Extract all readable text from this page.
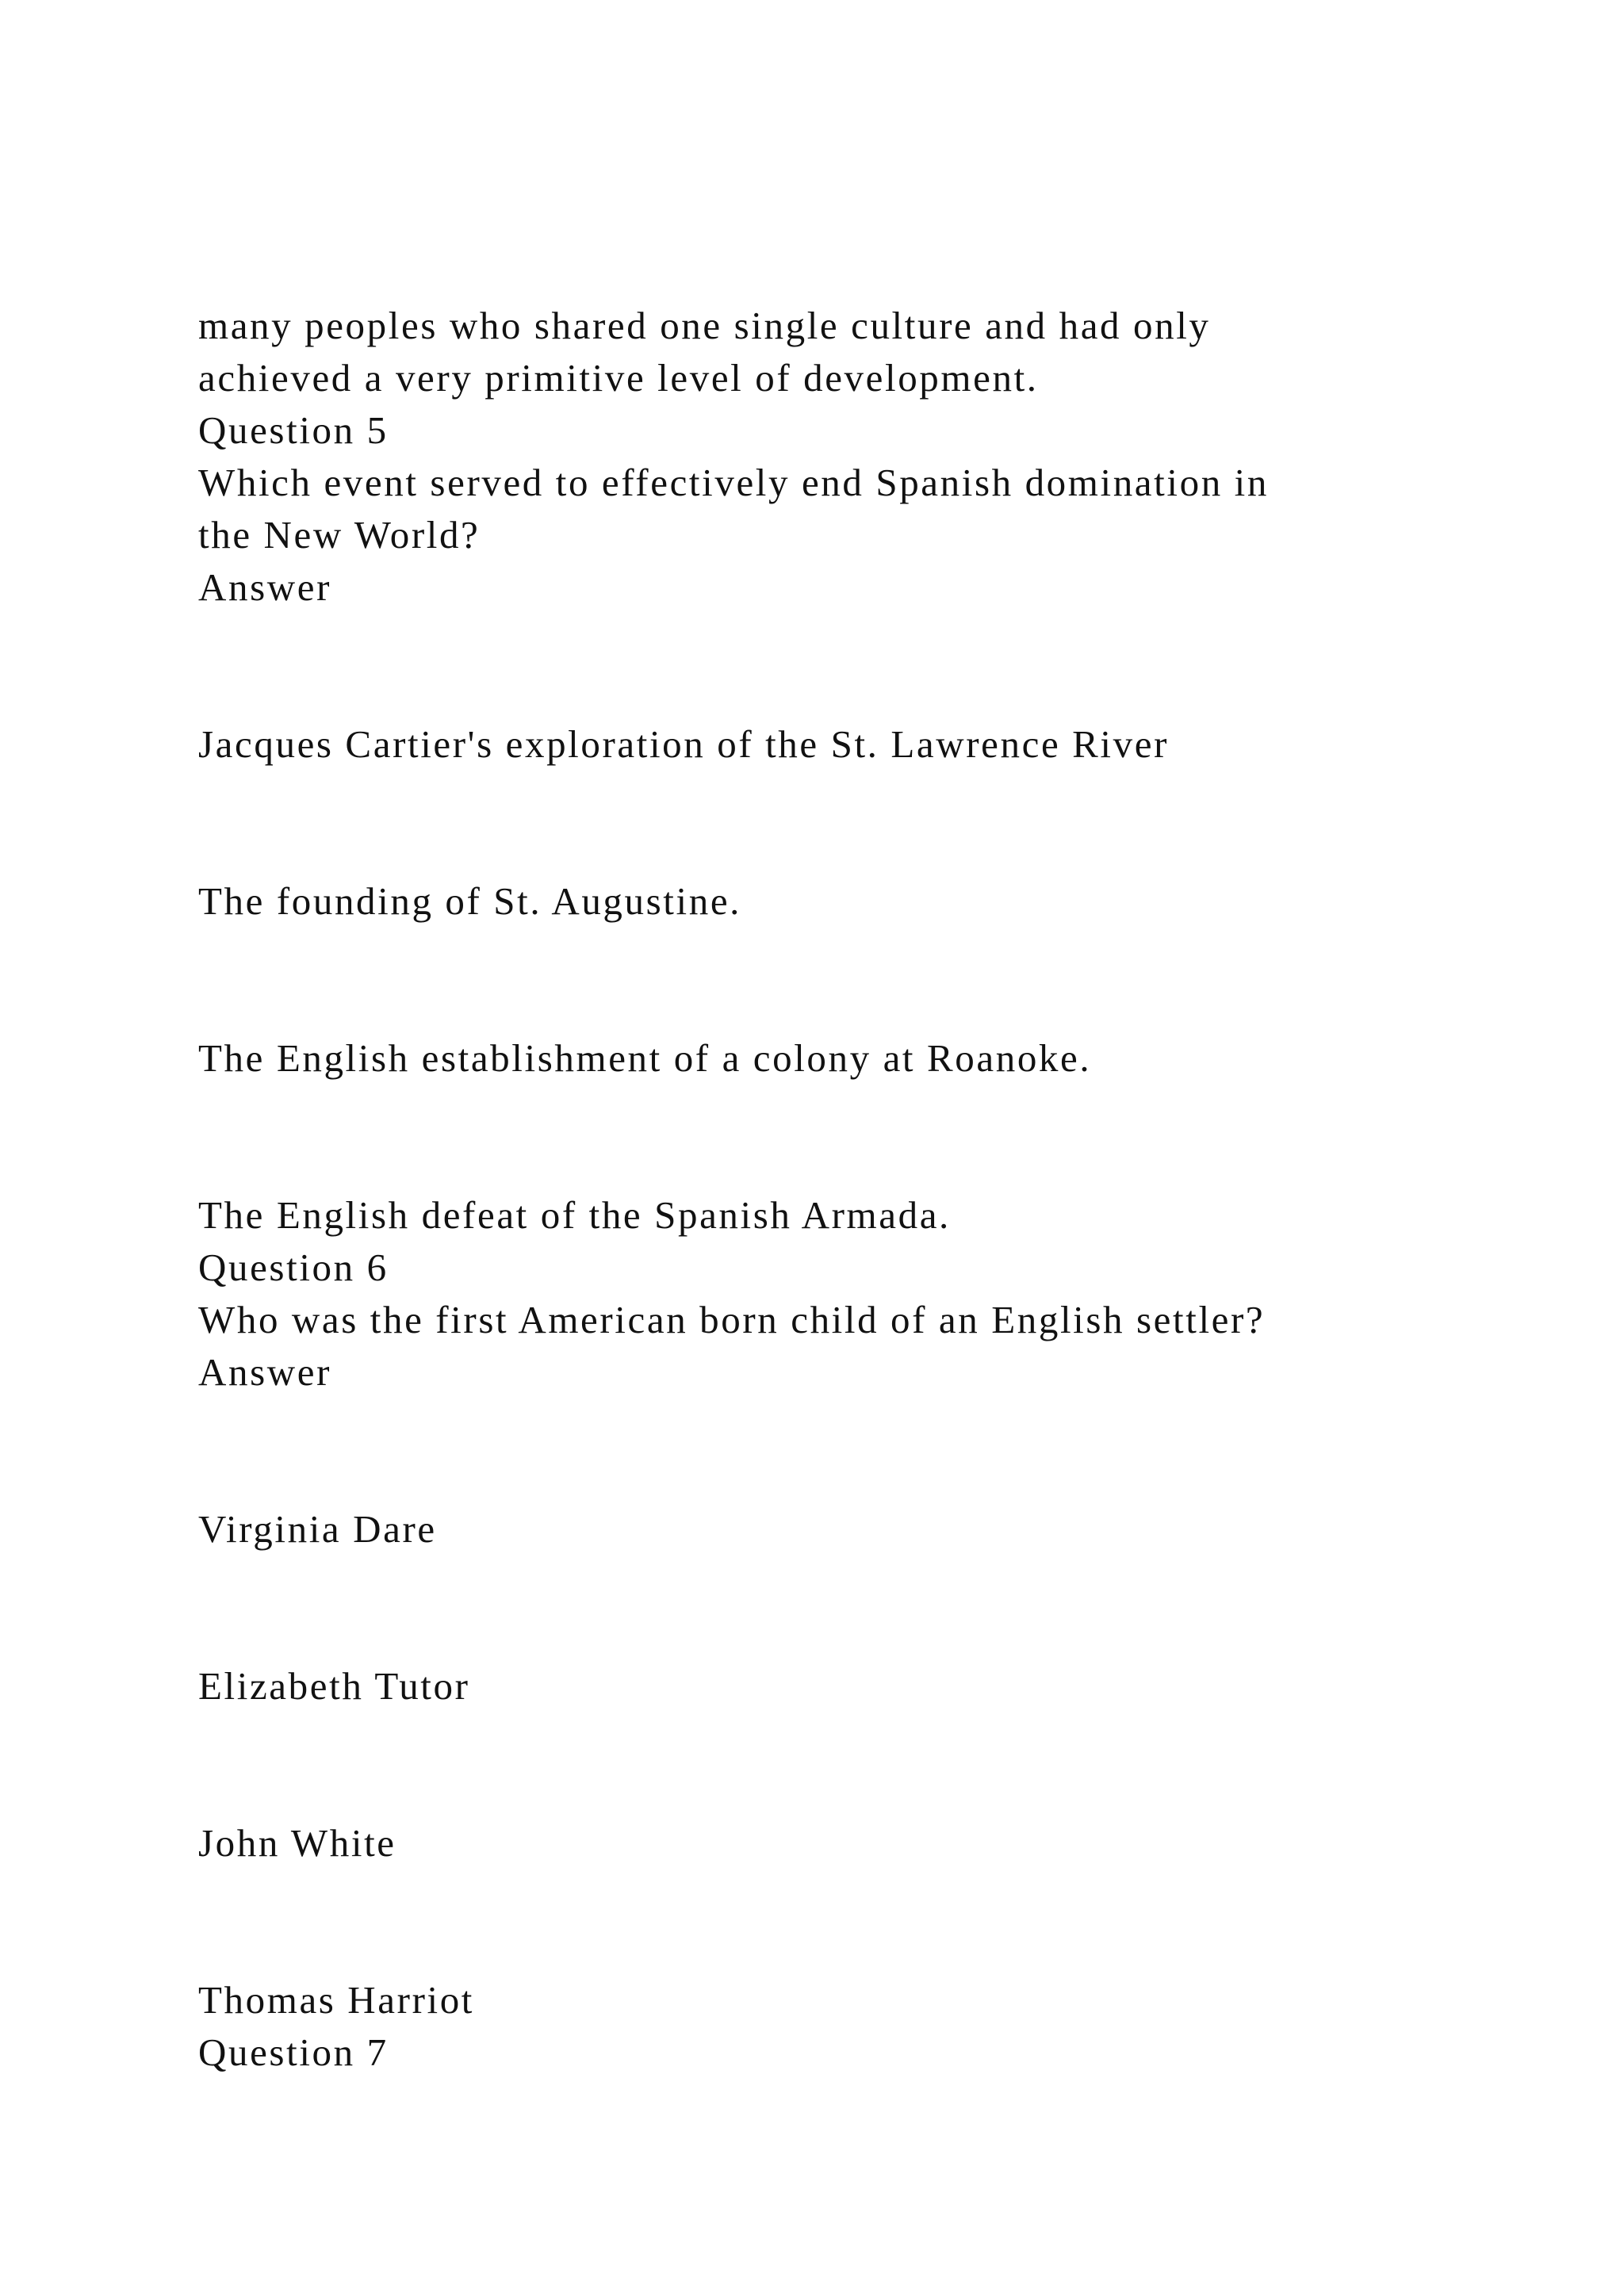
many peoples who shared one single culture and had only

achieved a very primitive level of development.

Question 5

Which event served to effectively end Spanish domination in

the New World?

Answer

Jacques Cartier's exploration of the St. Lawrence River

The founding of St. Augustine.

The English establishment of a colony at Roanoke.

The English defeat of the Spanish Armada.

Question 6

Who was the first American born child of an English settler?

Answer

Virginia Dare

Elizabeth Tutor

John White

Thomas Harriot

Question 7
